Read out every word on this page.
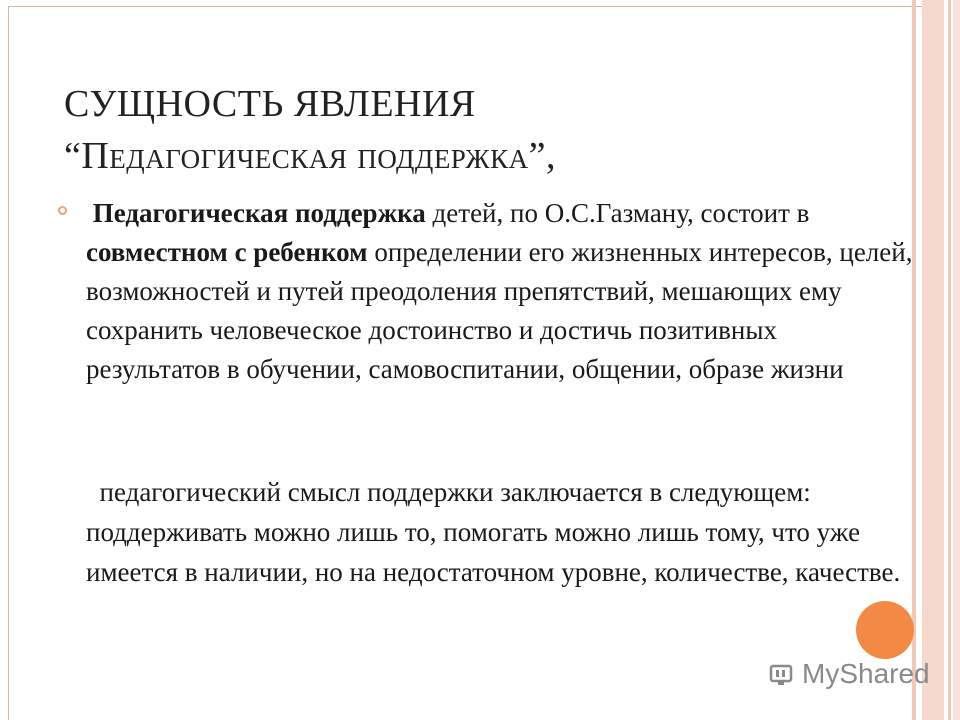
СУЩНОСТЬ ЯВЛЕНИЯ
“Педагогическая поддержка”,

Педагогическая поддержка детей, по О.С.Газману, состоит в совместном с ребенком определении его жизненных интересов, целей, возможностей и путей преодоления препятствий, мешающих ему сохранить человеческое достоинство и достичь позитивных результатов в обучении, самовоспитании, общении, образе жизни

педагогический смысл поддержки заключается в следующем: поддерживать можно лишь то, помогать можно лишь тому, что уже имеется в наличии, но на недостаточном уровне, количестве, качестве.

MyShared
